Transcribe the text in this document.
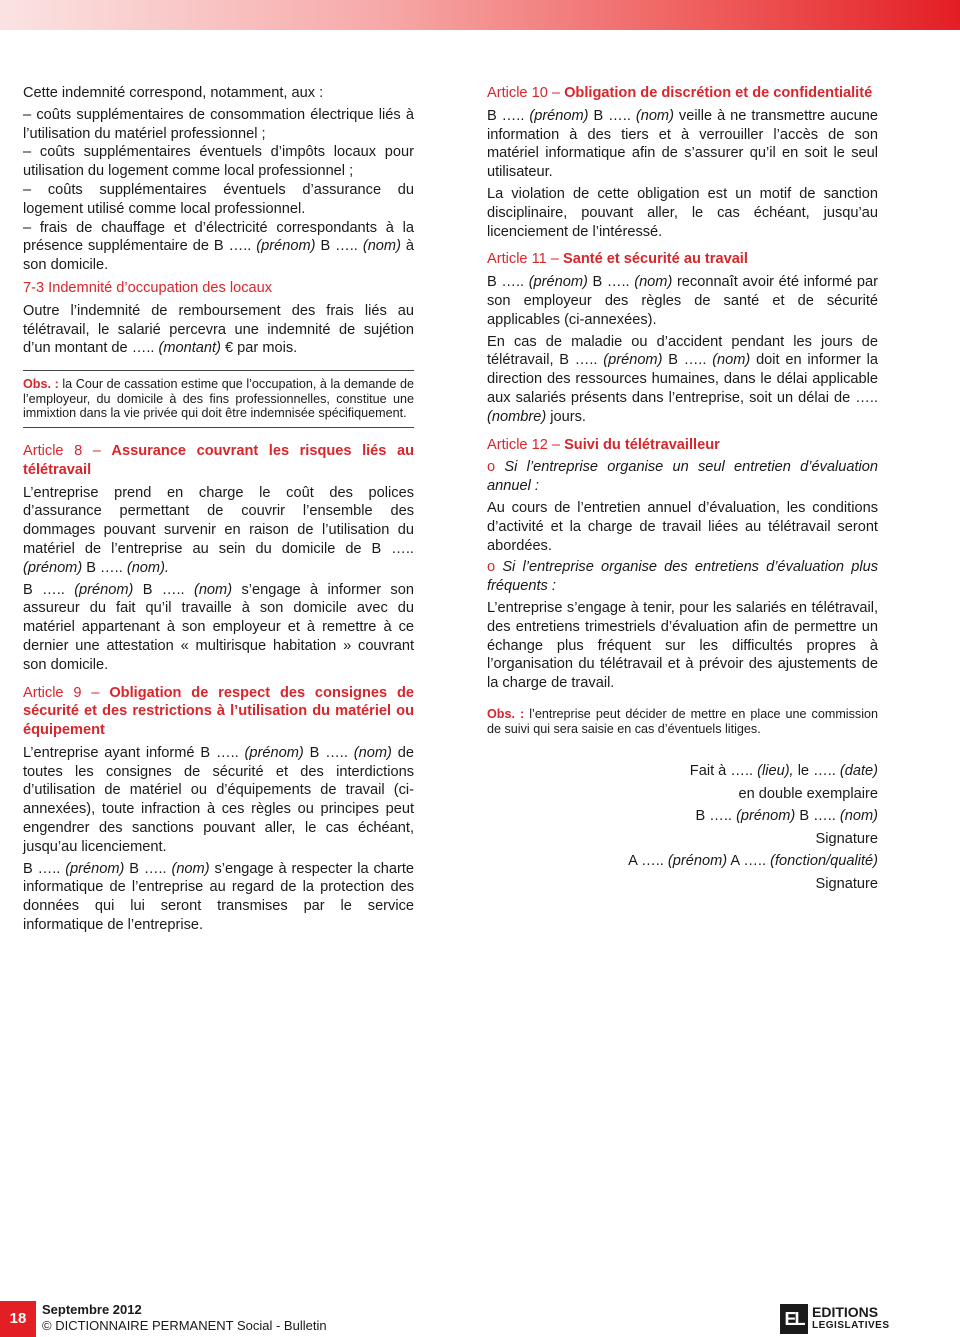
Cette indemnité correspond, notamment, aux :

– coûts supplémentaires de consommation électrique liés à l’utilisation du matériel professionnel ;

– coûts supplémentaires éventuels d’impôts locaux pour utilisation du logement comme local professionnel ;

– coûts supplémentaires éventuels d’assurance du logement utilisé comme local professionnel.

– frais de chauffage et d’électricité correspondants à la présence supplémentaire de B ….. (prénom) B ….. (nom) à son domicile.

7-3 Indemnité d’occupation des locaux

Outre l’indemnité de remboursement des frais liés au télétravail, le salarié percevra une indemnité de sujétion d’un montant de ….. (montant) € par mois.

Obs. : la Cour de cassation estime que l’occupation, à la demande de l’employeur, du domicile à des fins professionnelles, constitue une immixtion dans la vie privée qui doit être indemnisée spécifiquement.

Article 8 – Assurance couvrant les risques liés au télétravail

L’entreprise prend en charge le coût des polices d’assurance permettant de couvrir l’ensemble des dommages pouvant survenir en raison de l’utilisation du matériel de l’entreprise au sein du domicile de B ….. (prénom) B ….. (nom).

B ….. (prénom) B ….. (nom) s’engage à informer son assureur du fait qu’il travaille à son domicile avec du matériel appartenant à son employeur et à remettre à ce dernier une attestation « multirisque habitation » couvrant son domicile.

Article 9 – Obligation de respect des consignes de sécurité et des restrictions à l’utilisation du matériel ou équipement

L’entreprise ayant informé B ….. (prénom) B ….. (nom) de toutes les consignes de sécurité et des interdictions d’utilisation de matériel ou d’équipements de travail (ci-annexées), toute infraction à ces règles ou principes peut engendrer des sanctions pouvant aller, le cas échéant, jusqu’au licenciement.

B ….. (prénom) B ….. (nom) s’engage à respecter la charte informatique de l’entreprise au regard de la protection des données qui lui seront transmises par le service informatique de l’entreprise.

Article 10 – Obligation de discrétion et de confidentialité

B ….. (prénom) B ….. (nom) veille à ne transmettre aucune information à des tiers et à verrouiller l’accès de son matériel informatique afin de s’assurer qu’il en soit le seul utilisateur.

La violation de cette obligation est un motif de sanction disciplinaire, pouvant aller, le cas échéant, jusqu’au licenciement de l’intéressé.

Article 11 – Santé et sécurité au travail

B ….. (prénom) B ….. (nom) reconnaît avoir été informé par son employeur des règles de santé et de sécurité applicables (ci-annexées).

En cas de maladie ou d’accident pendant les jours de télétravail, B ….. (prénom) B ….. (nom) doit en informer la direction des ressources humaines, dans le délai applicable aux salariés présents dans l’entreprise, soit un délai de ….. (nombre) jours.

Article 12 – Suivi du télétravailleur

o Si l’entreprise organise un seul entretien d’évaluation annuel :

Au cours de l’entretien annuel d’évaluation, les conditions d’activité et la charge de travail liées au télétravail seront abordées.

o Si l’entreprise organise des entretiens d’évaluation plus fréquents :

L’entreprise s’engage à tenir, pour les salariés en télétravail, des entretiens trimestriels d’évaluation afin de permettre un échange plus fréquent sur les difficultés propres à l’organisation du télétravail et à prévoir des ajustements de la charge de travail.

Obs. : l’entreprise peut décider de mettre en place une commission de suivi qui sera saisie en cas d’éventuels litiges.
Fait à ….. (lieu), le ….. (date)
en double exemplaire
B ….. (prénom) B ….. (nom)
Signature
A ….. (prénom) A ….. (fonction/qualité)
Signature
18
Septembre 2012
© DICTIONNAIRE PERMANENT Social - Bulletin	EL EDITIONS
LEGISLATIVES
